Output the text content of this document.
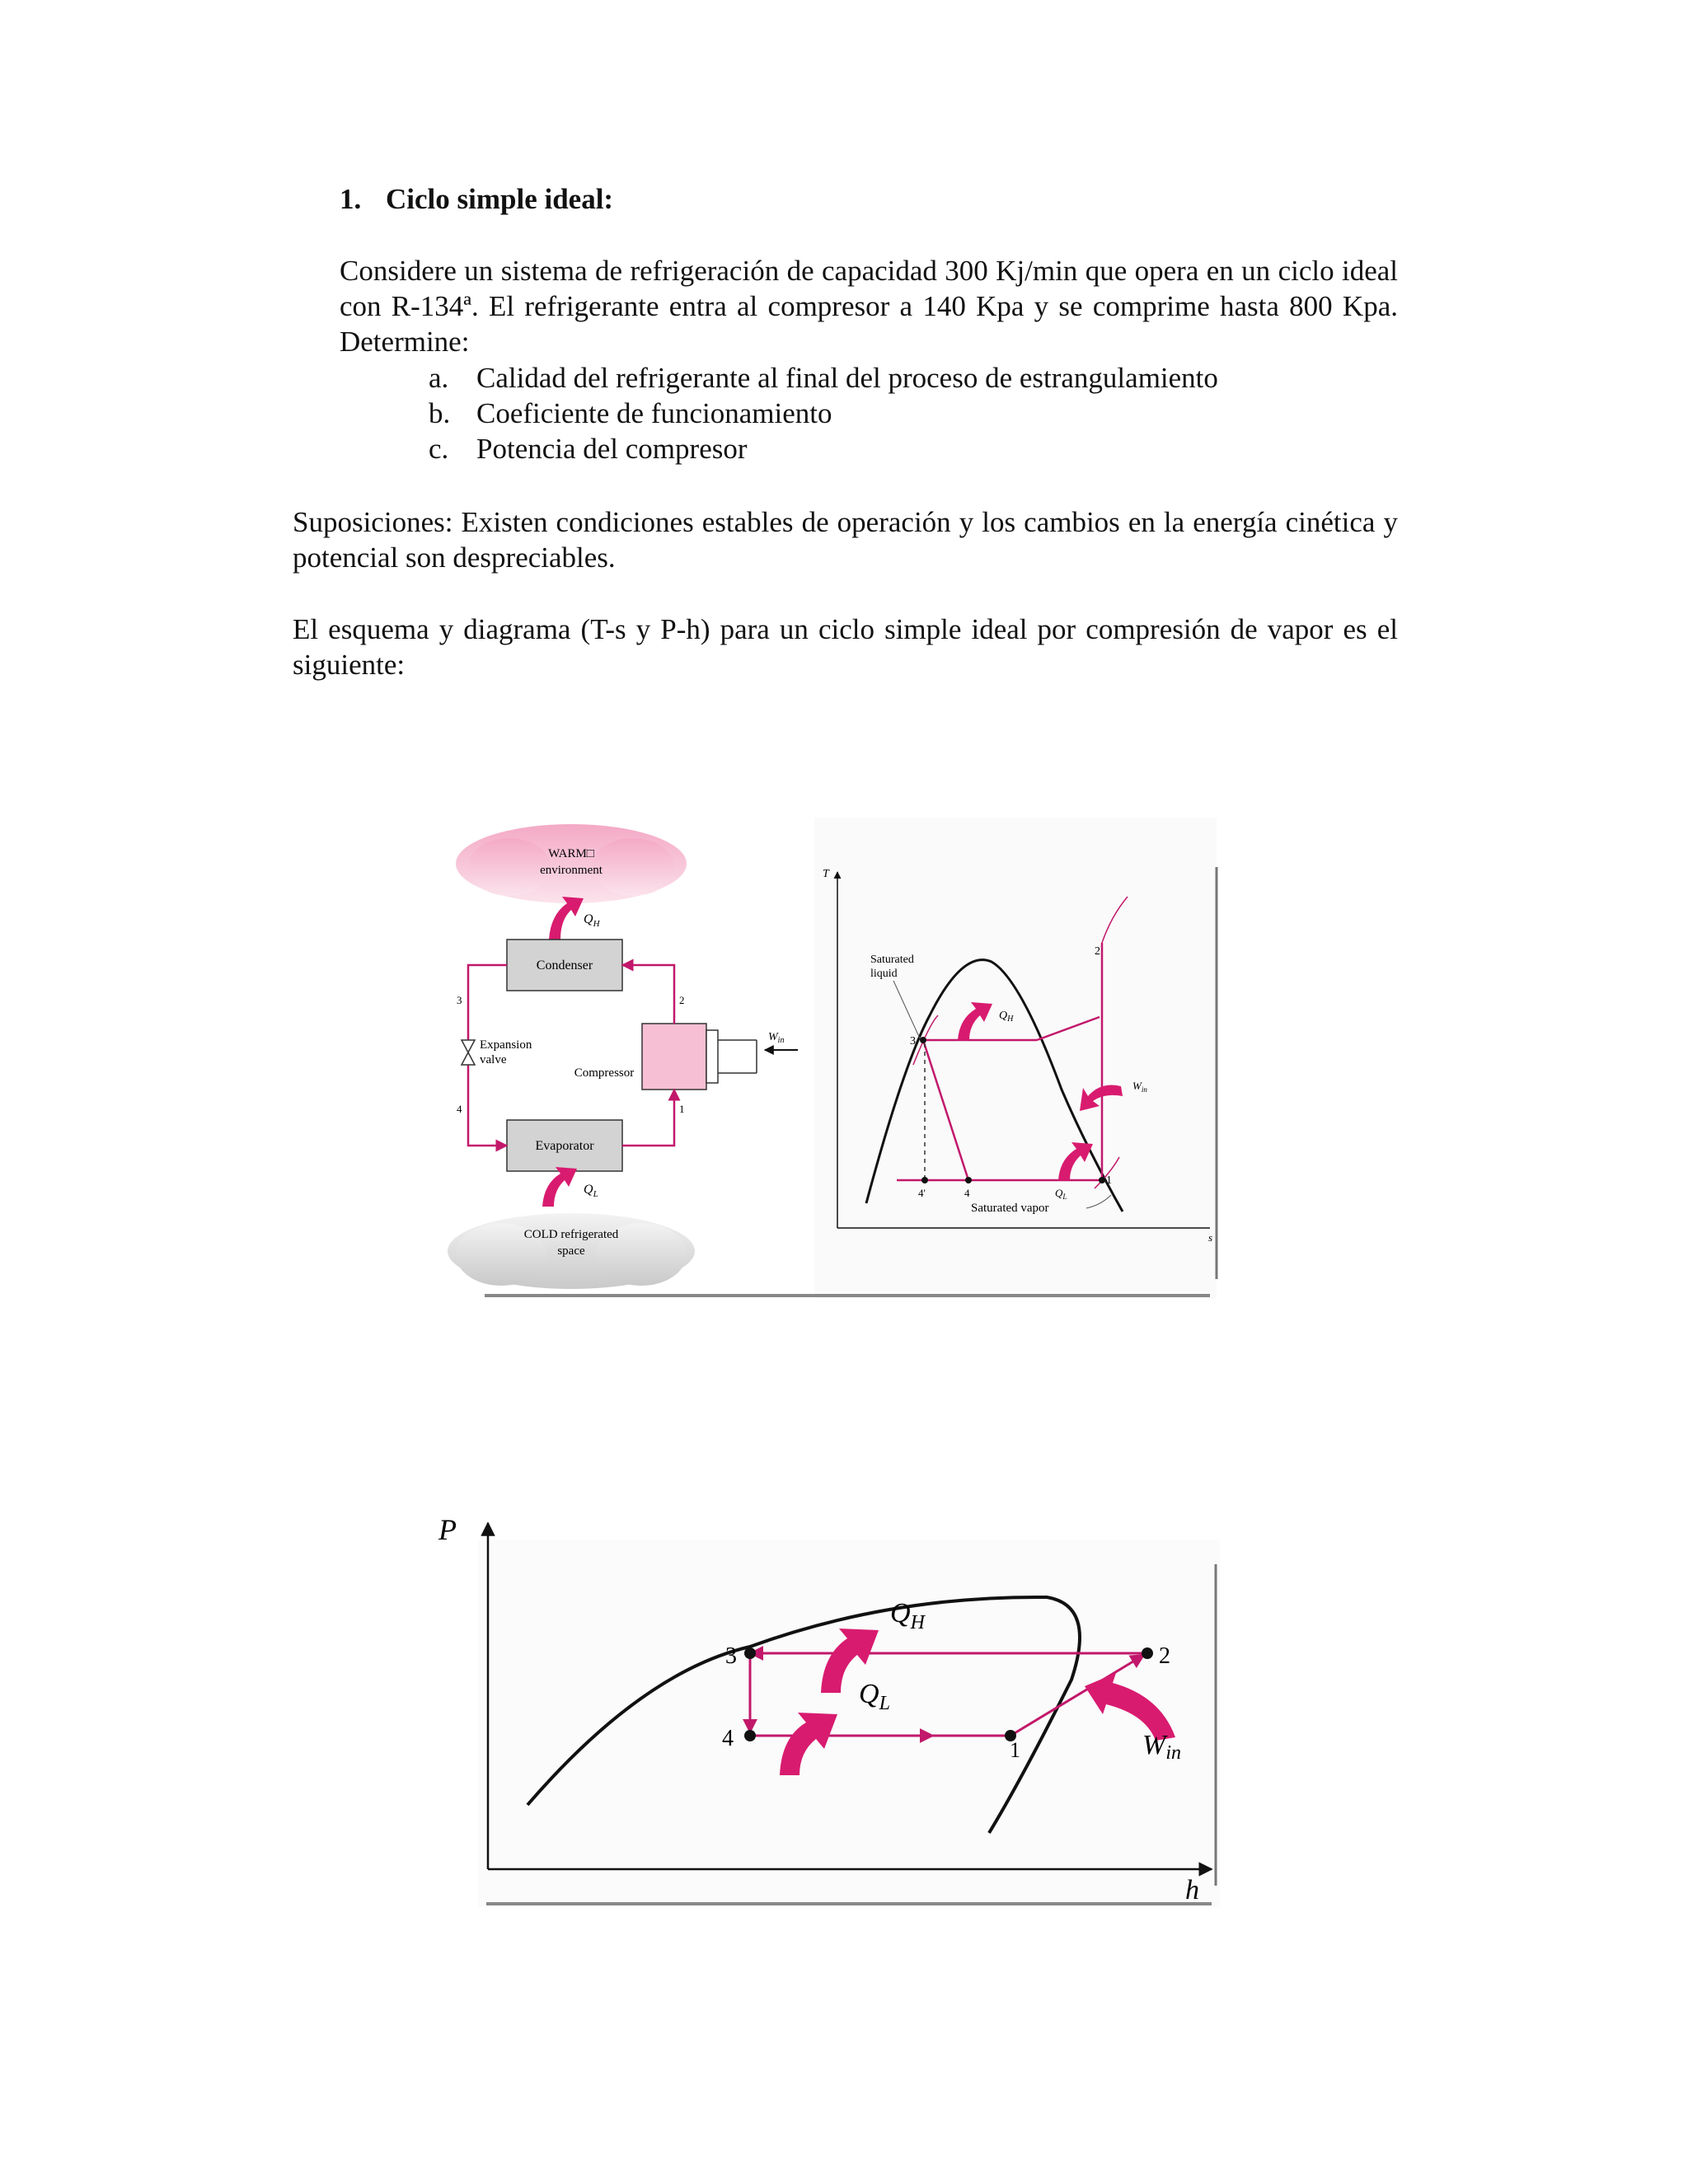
1. Ciclo simple ideal:
Considere un sistema de refrigeración de capacidad 300 Kj/min que opera en un ciclo ideal con R-134ª. El refrigerante entra al compresor a 140 Kpa y se comprime hasta 800 Kpa. Determine:
a. Calidad del refrigerante al final del proceso de estrangulamiento
b. Coeficiente de funcionamiento
c. Potencia del compresor
Suposiciones: Existen condiciones estables de operación y los cambios en la energía cinética y potencial son despreciables.
El esquema y diagrama (T-s y P-h) para un ciclo simple ideal por compresión de vapor es el siguiente:
WARM□
environment
$Q_H$
Condenser
Evaporator
$W_{in}$
Compressor
Expansion
valve
3	2
4	1
$Q_L$
COLD refrigerated
space
T
s
Saturated
liquid
3
4'	4
1
2
$Q_H$
$Q_L$
$W_{in}$
Saturated vapor
P
h
3
4	1
2
$Q_H$
$Q_L$
Win
